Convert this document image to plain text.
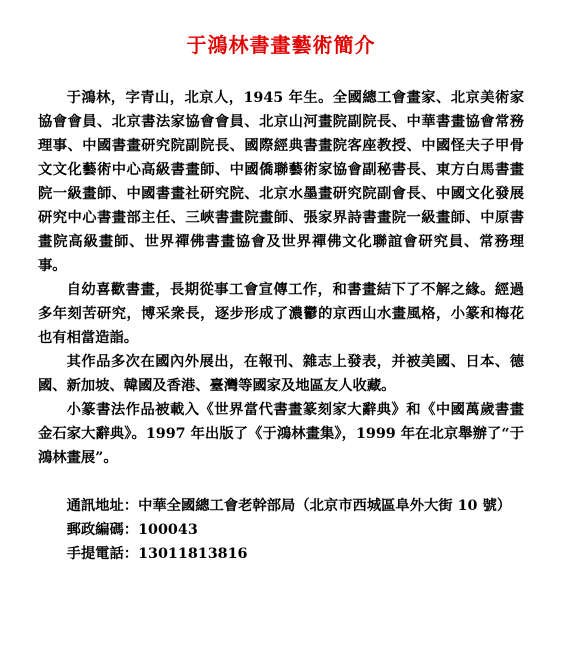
于鴻林書畫藝術簡介

于鴻林，字青山，北京人，1945 年生。全國總工會畫家、北京美術家協會會員、北京書法家協會會員、北京山河畫院副院長、中華書畫協會常務理事、中國書畫研究院副院長、國際經典書畫院客座教授、中國怪夫子甲骨文文化藝術中心高級書畫師、中國僑聯藝術家協會副秘書長、東方白馬書畫院一級畫師、中國書畫社研究院、北京水墨畫研究院副會長、中國文化發展研究中心書畫部主任、三峽書畫院畫師、張家界詩書畫院一級畫師、中原書畫院高級畫師、世界禪佛書畫協會及世界禪佛文化聯誼會研究員、常務理事。

自幼喜歡書畫，長期從事工會宣傳工作，和書畫結下了不解之緣。經過多年刻苦研究，博采衆長，逐步形成了濃鬱的京西山水畫風格，小篆和梅花也有相當造詣。

其作品多次在國內外展出，在報刊、雜志上發表，并被美國、日本、德國、新加坡、韓國及香港、臺灣等國家及地區友人收藏。

小篆書法作品被載入《世界當代書畫篆刻家大辭典》和《中國萬歲書畫金石家大辭典》。1997 年出版了《于鴻林畫集》，1999 年在北京舉辦了“于鴻林畫展”。

通訊地址：中華全國總工會老幹部局（北京市西城區阜外大街 10 號）

郵政編碼：100043

手提電話：13011813816
